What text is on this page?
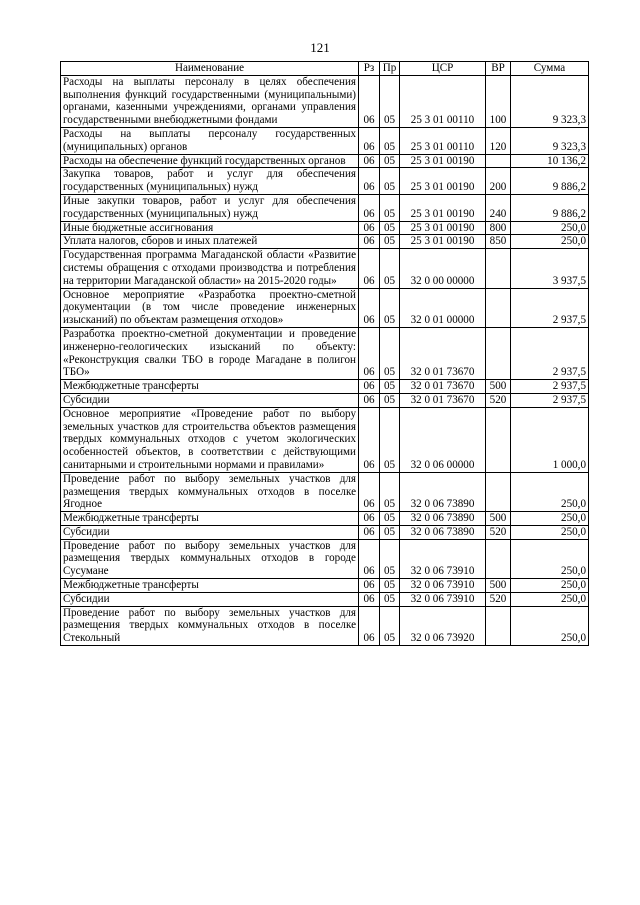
121
Наименование	Рз	Пр	ЦСР	ВР	Сумма
Расходы на выплаты персоналу в целях обеспечения выполнения функций государственными (муниципальными) органами, казенными учреждениями, органами управления государственными внебюджетными фондами	06	05	25 3 01 00110	100	9 323,3
Расходы на выплаты персоналу государственных (муниципальных) органов	06	05	25 3 01 00110	120	9 323,3
Расходы на обеспечение функций государственных органов	06	05	25 3 01 00190		10 136,2
Закупка товаров, работ и услуг для обеспечения государственных (муниципальных) нужд	06	05	25 3 01 00190	200	9 886,2
Иные закупки товаров, работ и услуг для обеспечения государственных (муниципальных) нужд	06	05	25 3 01 00190	240	9 886,2
Иные бюджетные ассигнования	06	05	25 3 01 00190	800	250,0
Уплата налогов, сборов и иных платежей	06	05	25 3 01 00190	850	250,0
Государственная программа Магаданской области «Развитие системы обращения с отходами производства и потребления на территории Магаданской области» на 2015-2020 годы»	06	05	32 0 00 00000		3 937,5
Основное мероприятие «Разработка проектно-сметной документации (в том числе проведение инженерных изысканий) по объектам размещения отходов»	06	05	32 0 01 00000		2 937,5
Разработка проектно-сметной документации и проведение инженерно-геологических изысканий по объекту: «Реконструкция свалки ТБО в городе Магадане в полигон ТБО»	06	05	32 0 01 73670		2 937,5
Межбюджетные трансферты	06	05	32 0 01 73670	500	2 937,5
Субсидии	06	05	32 0 01 73670	520	2 937,5
Основное мероприятие «Проведение работ по выбору земельных участков для строительства объектов размещения твердых коммунальных отходов с учетом экологических особенностей объектов, в соответствии с действующими санитарными и строительными нормами и правилами»	06	05	32 0 06 00000		1 000,0
Проведение работ по выбору земельных участков для размещения твердых коммунальных отходов в поселке Ягодное	06	05	32 0 06 73890		250,0
Межбюджетные трансферты	06	05	32 0 06 73890	500	250,0
Субсидии	06	05	32 0 06 73890	520	250,0
Проведение работ по выбору земельных участков для размещения твердых коммунальных отходов в городе Сусумане	06	05	32 0 06 73910		250,0
Межбюджетные трансферты	06	05	32 0 06 73910	500	250,0
Субсидии	06	05	32 0 06 73910	520	250,0
Проведение работ по выбору земельных участков для размещения твердых коммунальных отходов в поселке Стекольный	06	05	32 0 06 73920		250,0
